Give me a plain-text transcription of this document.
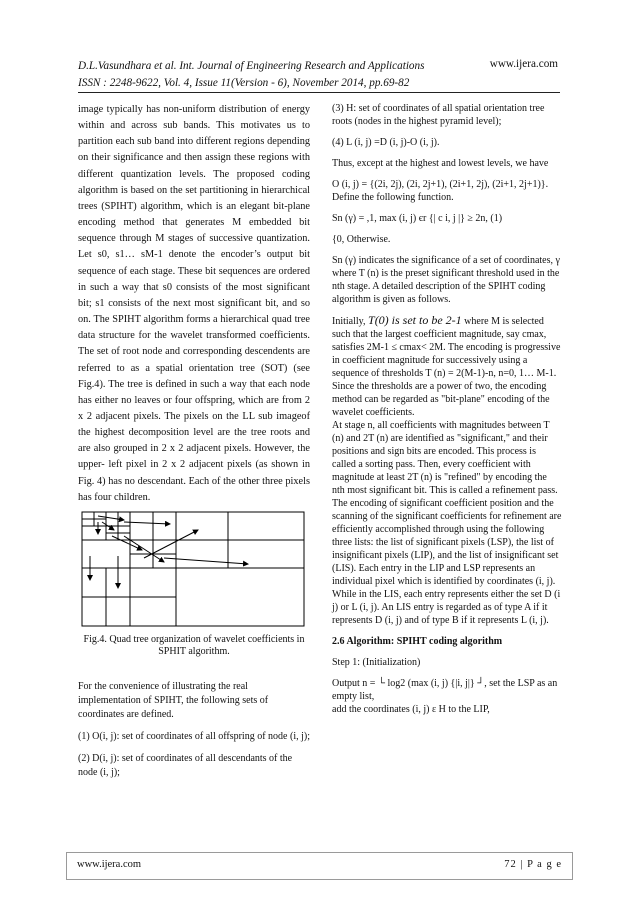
D.L.Vasundhara et al. Int. Journal of Engineering Research and Applications
ISSN : 2248-9622, Vol. 4, Issue 11(Version - 6), November 2014, pp.69-82
www.ijera.com

image typically has non-uniform distribution of energy within and across sub bands. This motivates us to partition each sub band into different regions depending on their significance and then assign these regions with different quantization levels. The proposed coding algorithm is based on the set partitioning in hierarchical trees (SPIHT) algorithm, which is an elegant bit-plane encoding method that generates M embedded bit sequence through M stages of successive quantization. Let s0, s1… sM-1 denote the encoder’s output bit sequence of each stage. These bit sequences are ordered in such a way that s0 consists of the most significant bit; s1 consists of the next most significant bit, and so on. The SPIHT algorithm forms a hierarchical quad tree data structure for the wavelet transformed coefficients. The set of root node and corresponding descendents are referred to as a spatial orientation tree (SOT) (see Fig.4). The tree is defined in such a way that each node has either no leaves or four offspring, which are from 2 x 2 adjacent pixels. The pixels on the LL sub imageof the highest decomposition level are the tree roots and are also grouped in 2 x 2 adjacent pixels. However, the upper- left pixel in 2 x 2 adjacent pixels (as shown in Fig. 4) has no descendant. Each of the other three pixels has four children.

Fig.4. Quad tree organization of wavelet coefficients in SPHIT algorithm.

For the convenience of illustrating the real implementation of SPIHT, the following sets of coordinates are defined.

(1) O(i, j): set of coordinates of all offspring of node (i, j);

(2) D(i, j): set of coordinates of all descendants of the node (i, j);

(3) H: set of coordinates of all spatial orientation tree roots (nodes in the highest pyramid level);

(4) L (i, j) =D (i, j)-O (i, j).

Thus, except at the highest and lowest levels, we have

O (i, j) = {(2i, 2j), (2i, 2j+1), (2i+1, 2j), (2i+1, 2j+1)}. Define the following function.

Sn (γ) = ,1, max (i, j) єr {| c i, j |} ≥ 2n, (1)

{0, Otherwise.

Sn (γ) indicates the significance of a set of coordinates, γ where T (n) is the preset significant threshold used in the nth stage. A detailed description of the SPIHT coding algorithm is given as follows.

Initially, T(0) is set to be 2-1 where M is selected such that the largest coefficient magnitude, say cmax, satisfies 2M-1 ≤ cmax< 2M. The encoding is progressive in coefficient magnitude for successively using a sequence of thresholds T (n) = 2(M-1)-n, n=0, 1… M-1. Since the thresholds are a power of two, the encoding method can be regarded as "bit-plane" encoding of the wavelet coefficients.

At stage n, all coefficients with magnitudes between T (n) and 2T (n) are identified as "significant," and their positions and sign bits are encoded. This process is called a sorting pass. Then, every coefficient with magnitude at least 2T (n) is "refined" by encoding the nth most significant bit. This is called a refinement pass. The encoding of significant coefficient position and the scanning of the significant coefficients for refinement are efficiently accomplished through using the following three lists: the list of significant pixels (LSP), the list of insignificant pixels (LIP), and the list of insignificant set (LIS). Each entry in the LIP and LSP represents an individual pixel which is identified by coordinates (i, j). While in the LIS, each entry represents either the set D (i j) or L (i, j). An LIS entry is regarded as of type A if it represents D (i, j) and of type B if it represents L (i, j).

2.6 Algorithm: SPIHT coding algorithm

Step 1: (Initialization)

Output n = └ log2 (max (i, j) {|i, j|} ┘, set the LSP as an empty list,

add the coordinates (i, j) ε H to the LIP,

www.ijera.com	72 | P a g e
